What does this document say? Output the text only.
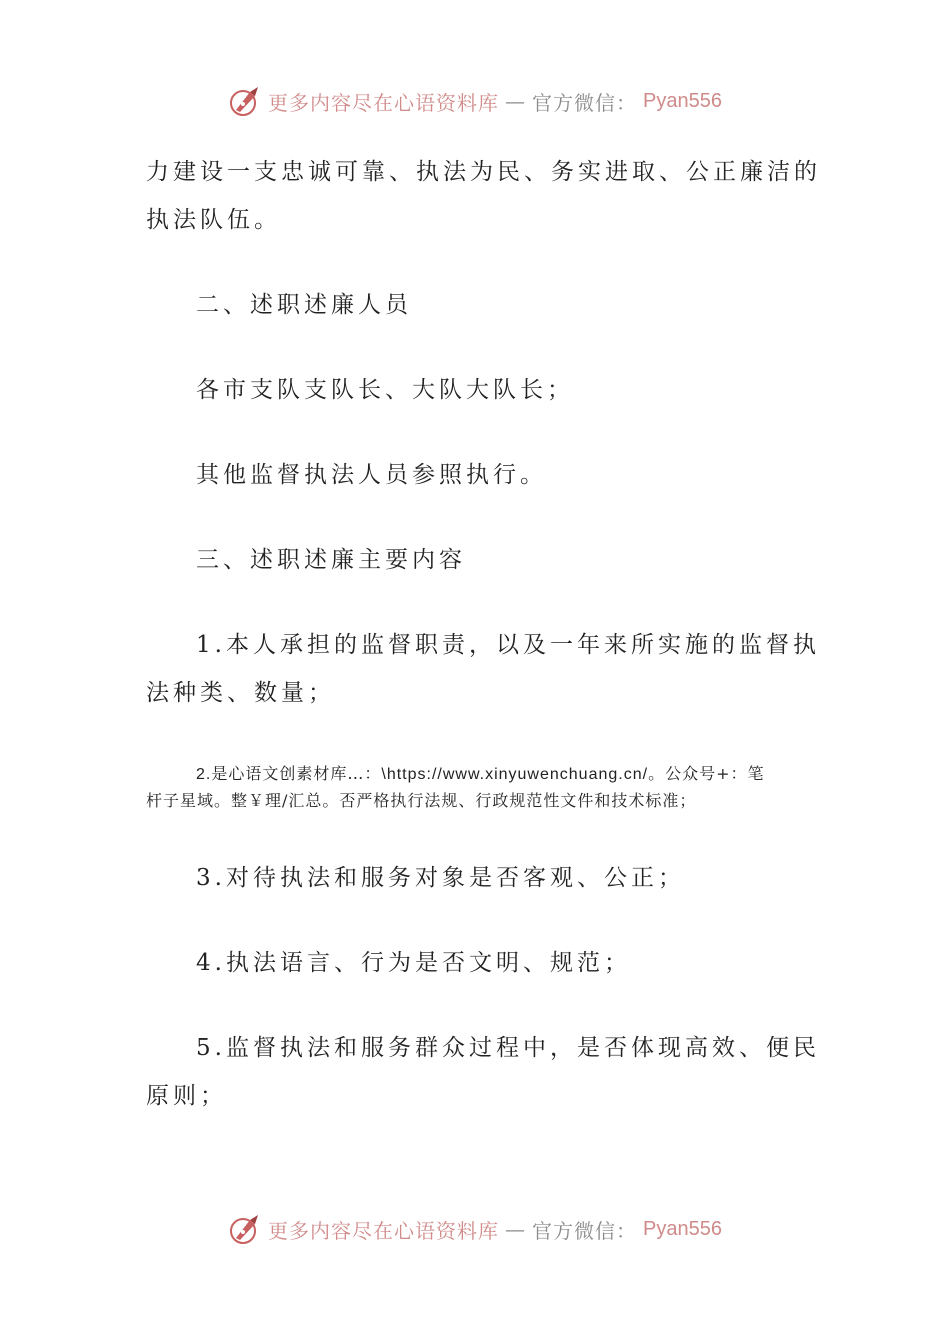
更多内容尽在心语资料库 — 官方微信： Pyan556

力建设一支忠诚可靠、执法为民、务实进取、公正廉洁的

执法队伍。

二、述职述廉人员

各市支队支队长、大队大队长；

其他监督执法人员参照执行。

三、述职述廉主要内容

1.本人承担的监督职责，以及一年来所实施的监督执

法种类、数量；

2.是心语文创素材库…：\https://www.xinyuwenchuang.cn/。公众号+：笔

杆子星域。整￥理/汇总。否严格执行法规、行政规范性文件和技术标准；

3.对待执法和服务对象是否客观、公正；

4.执法语言、行为是否文明、规范；

5.监督执法和服务群众过程中，是否体现高效、便民

原则；

更多内容尽在心语资料库 — 官方微信： Pyan556
